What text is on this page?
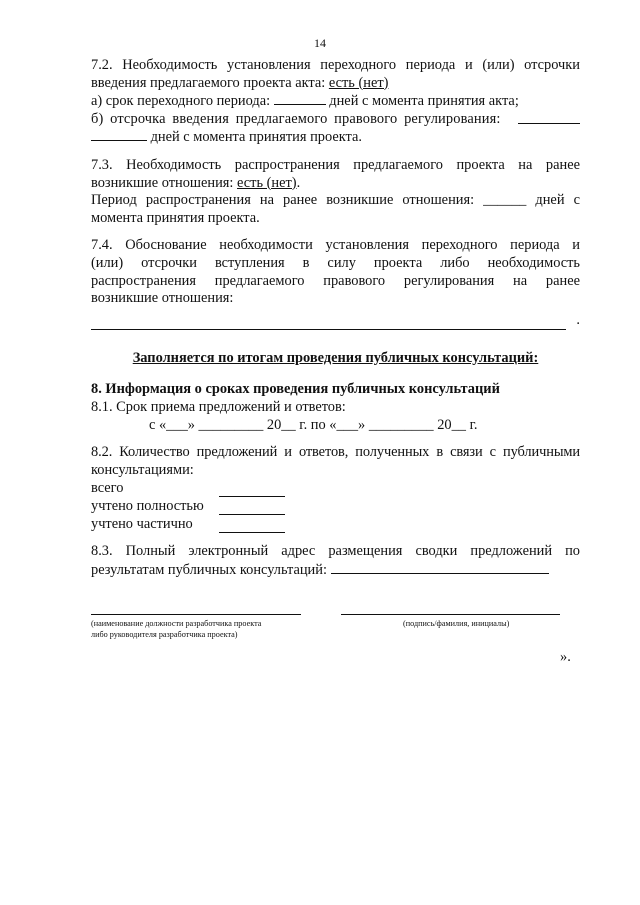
14

7.2. Необходимость установления переходного периода и (или) отсрочки

введения предлагаемого проекта акта: есть (нет)

а) срок переходного периода:	дней с момента принятия акта;

б) отсрочка введения предлагаемого правового регулирования:

дней с момента принятия проекта.

7.3. Необходимость распространения предлагаемого проекта на ранее

возникшие отношения: есть (нет).

Период распространения на ранее возникшие отношения: ______ дней с

момента принятия проекта.

7.4. Обоснование необходимости установления переходного периода и

(или) отсрочки вступления в силу проекта либо необходимость

распространения предлагаемого правового регулирования на ранее

возникшие отношения:

.

Заполняется по итогам проведения публичных консультаций:

8. Информация о сроках проведения публичных консультаций

8.1. Срок приема предложений и ответов:

с «___» _________ 20__ г. по «___» _________ 20__ г.

8.2. Количество предложений и ответов, полученных в связи с публичными

консультациями:

всего
учтено полностью
учтено частично

8.3. Полный электронный адрес размещения сводки предложений по

результатам публичных консультаций:

(наименование должности разработчика проекта
либо руководителя разработчика проекта)
(подпись/фамилия, инициалы)
».
